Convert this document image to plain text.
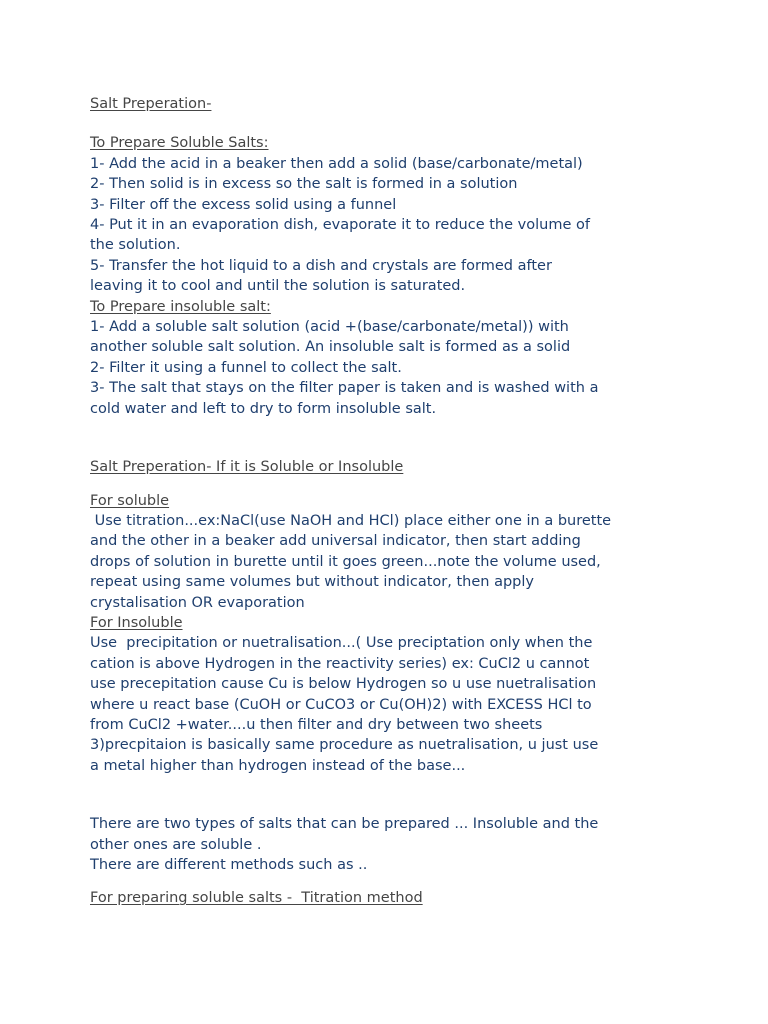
Salt Preperation-

To Prepare Soluble Salts:

1- Add the acid in a beaker then add a solid (base/carbonate/metal)

2- Then solid is in excess so the salt is formed in a solution

3- Filter off the excess solid using a funnel

4- Put it in an evaporation dish, evaporate it to reduce the volume of

the solution.

5- Transfer the hot liquid to a dish and crystals are formed after

leaving it to cool and until the solution is saturated.

To Prepare insoluble salt:

1- Add a soluble salt solution (acid +(base/carbonate/metal)) with

another soluble salt solution. An insoluble salt is formed as a solid

2- Filter it using a funnel to collect the salt.

3- The salt that stays on the filter paper is taken and is washed with a

cold water and left to dry to form insoluble salt.

Salt Preperation- If it is Soluble or Insoluble

For soluble

Use titration...ex:NaCl(use NaOH and HCl) place either one in a burette

and the other in a beaker add universal indicator, then start adding

drops of solution in burette until it goes green...note the volume used,

repeat using same volumes but without indicator, then apply

crystalisation OR evaporation

For Insoluble

Use  precipitation or nuetralisation...( Use preciptation only when the

cation is above Hydrogen in the reactivity series) ex: CuCl2 u cannot

use precepitation cause Cu is below Hydrogen so u use nuetralisation

where u react base (CuOH or CuCO3 or Cu(OH)2) with EXCESS HCl to

from CuCl2 +water....u then filter and dry between two sheets

3)precpitaion is basically same procedure as nuetralisation, u just use

a metal higher than hydrogen instead of the base...

There are two types of salts that can be prepared ... Insoluble and the

other ones are soluble .

There are different methods such as ..

For preparing soluble salts -  Titration method
